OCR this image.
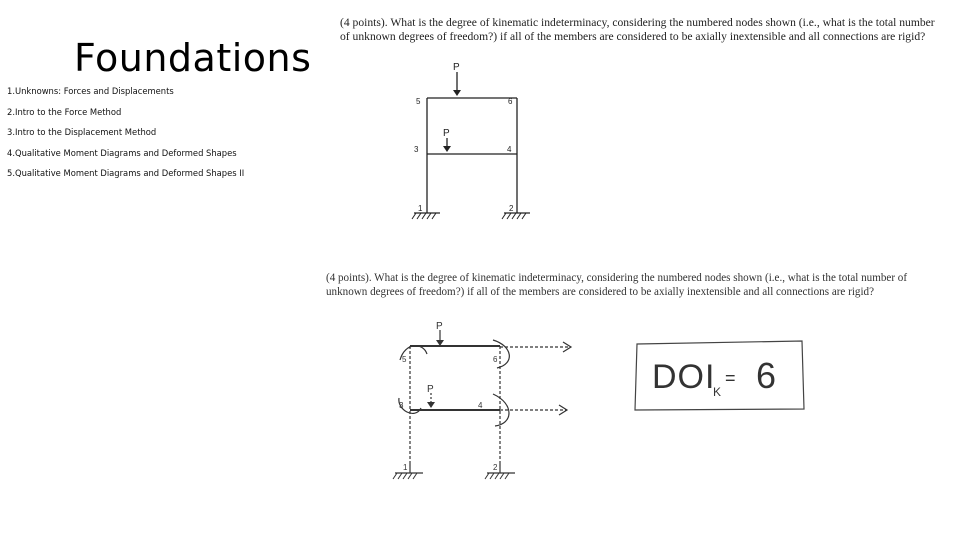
Foundations
1.Unknowns: Forces and Displacements
2.Intro to the Force Method
3.Intro to the Displacement Method
4.Qualitative Moment Diagrams and Deformed Shapes
5.Qualitative Moment Diagrams and Deformed Shapes II
(4 points). What is the degree of kinematic indeterminacy, considering the numbered nodes shown (i.e., what is the total number of unknown degrees of freedom?) if all of the members are considered to be axially inextensible and all connections are rigid?
P
P
1	2
3	4
5	6
(4 points). What is the degree of kinematic indeterminacy, considering the numbered nodes shown (i.e., what is the total number of unknown degrees of freedom?) if all of the members are considered to be axially inextensible and all connections are rigid?
P
P
1	2
3	4
5	6	DOI
K
= 6
